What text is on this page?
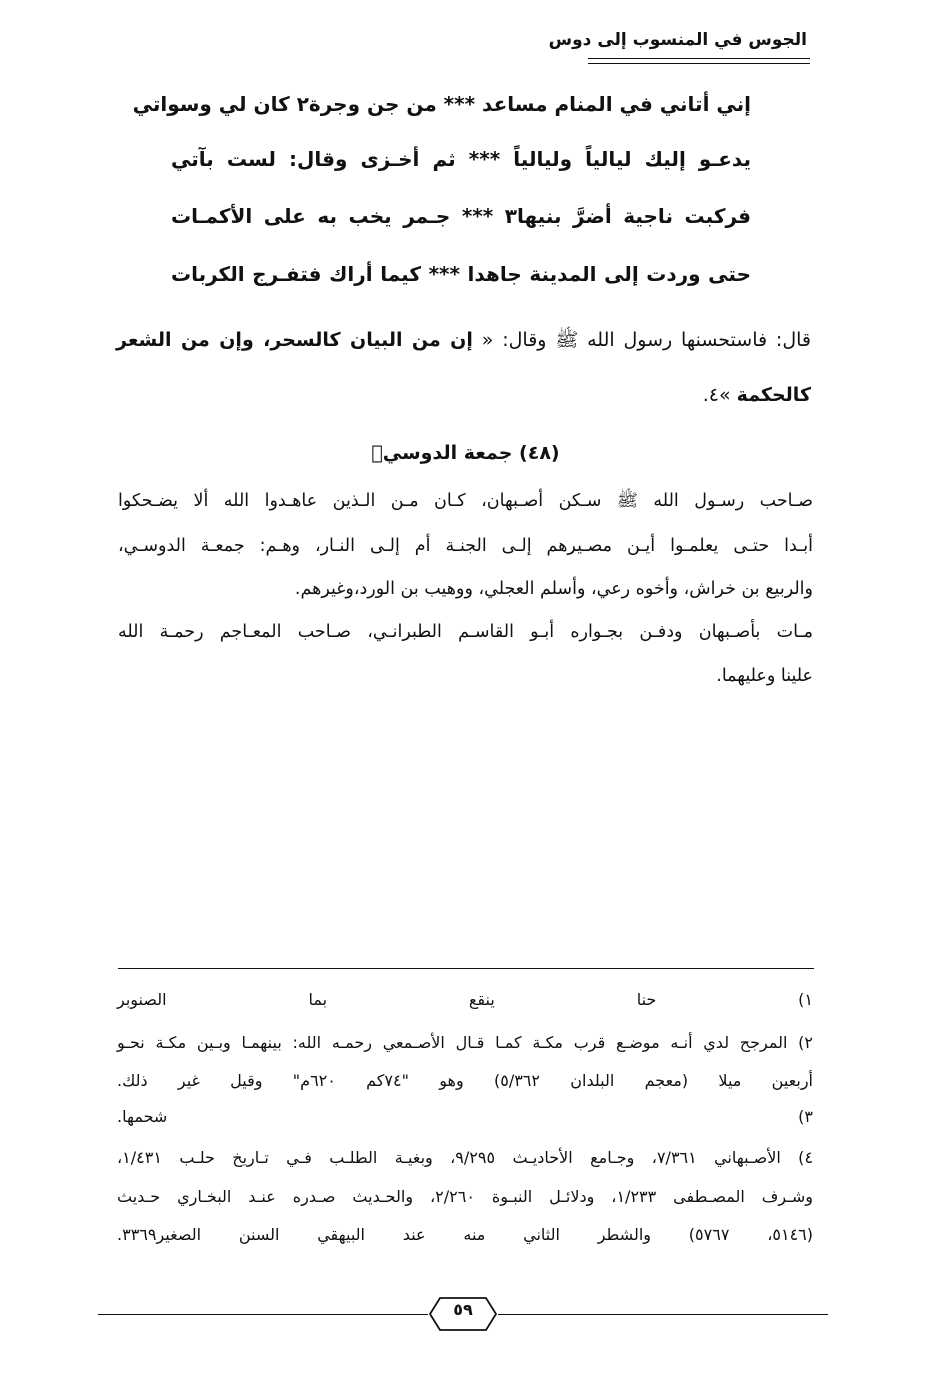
الجوس في المنسوب إلى دوس
إني أتاني في المنام مساعد *** من جن وجرة٢ كان لي وسواتي
يدعـو إليك ليالياً وليالياً *** ثم أخـزى وقال: لست بآتي
فركبت ناجية أضرَّ بنيها٣ *** جـمر يخب به على الأكمـات
حتى وردت إلى المدينة جاهدا *** كيما أراك فتفـرج الكربات
قال: فاستحسنها رسول الله ﷺ وقال: « إن من البيان كالسحر، وإن من الشعر
كالحكمة »٤.
(٤٨) جمعة الدوسيؓ
صـاحب رسـول الله ﷺ سـكن أصـبهان، كـان مـن الـذين عاهـدوا الله ألا يضـحكوا
أبـدا حتـى يعلمـوا أيـن مصـيرهم إلـى الجنـة أم إلـى النـار، وهـم: جمعـة الدوسـي،
والربيع بن خراش، وأخوه رعي، وأسلم العجلي، ووهيب بن الورد،وغيرهم.
مـات بأصـبهان ودفـن بجـواره أبـو القاسـم الطبرانـي، صـاحب المعـاجم رحمـة الله
علينا وعليهما.
١) حنا ينقع بما الصنوبر
٢) المرجح لدي أنـه موضـع قرب مكـة كمـا قـال الأصـمعي رحمـه الله: بينهمـا وبـين مكـة نحـو
أربعين ميلا (معجم البلدان ٥/٣٦٢) وهو "٧٤كم ٦٢٠م" وقيل غير ذلك.
٣) شحمها.
٤) الأصـبهاني ٧/٣٦١، وجـامع الأحاديـث ٩/٢٩٥، وبغيـة الطلـب فـي تـاريخ حلـب ١/٤٣١،
وشـرف المصـطفى ١/٢٣٣، ودلائـل النبـوة ٢/٢٦٠، والحـديث صـدره عنـد البخـاري حـديث
(٥١٤٦، ٥٧٦٧) والشطر الثاني منه عند البيهقي السنن الصغير٣٣٦٩.
٥٩
